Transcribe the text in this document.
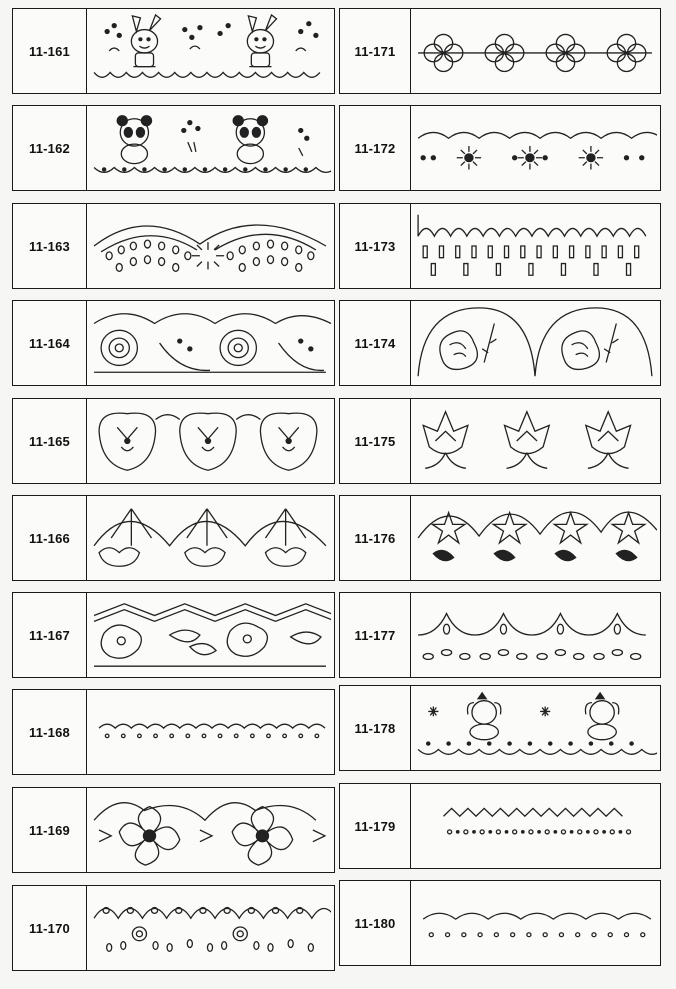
11-161
11-162
11-163
11-164
11-165
11-166
11-167
11-168
11-169
11-170
11-171
11-172
11-173
11-174
11-175
11-176
11-177
11-178
11-179
11-180
